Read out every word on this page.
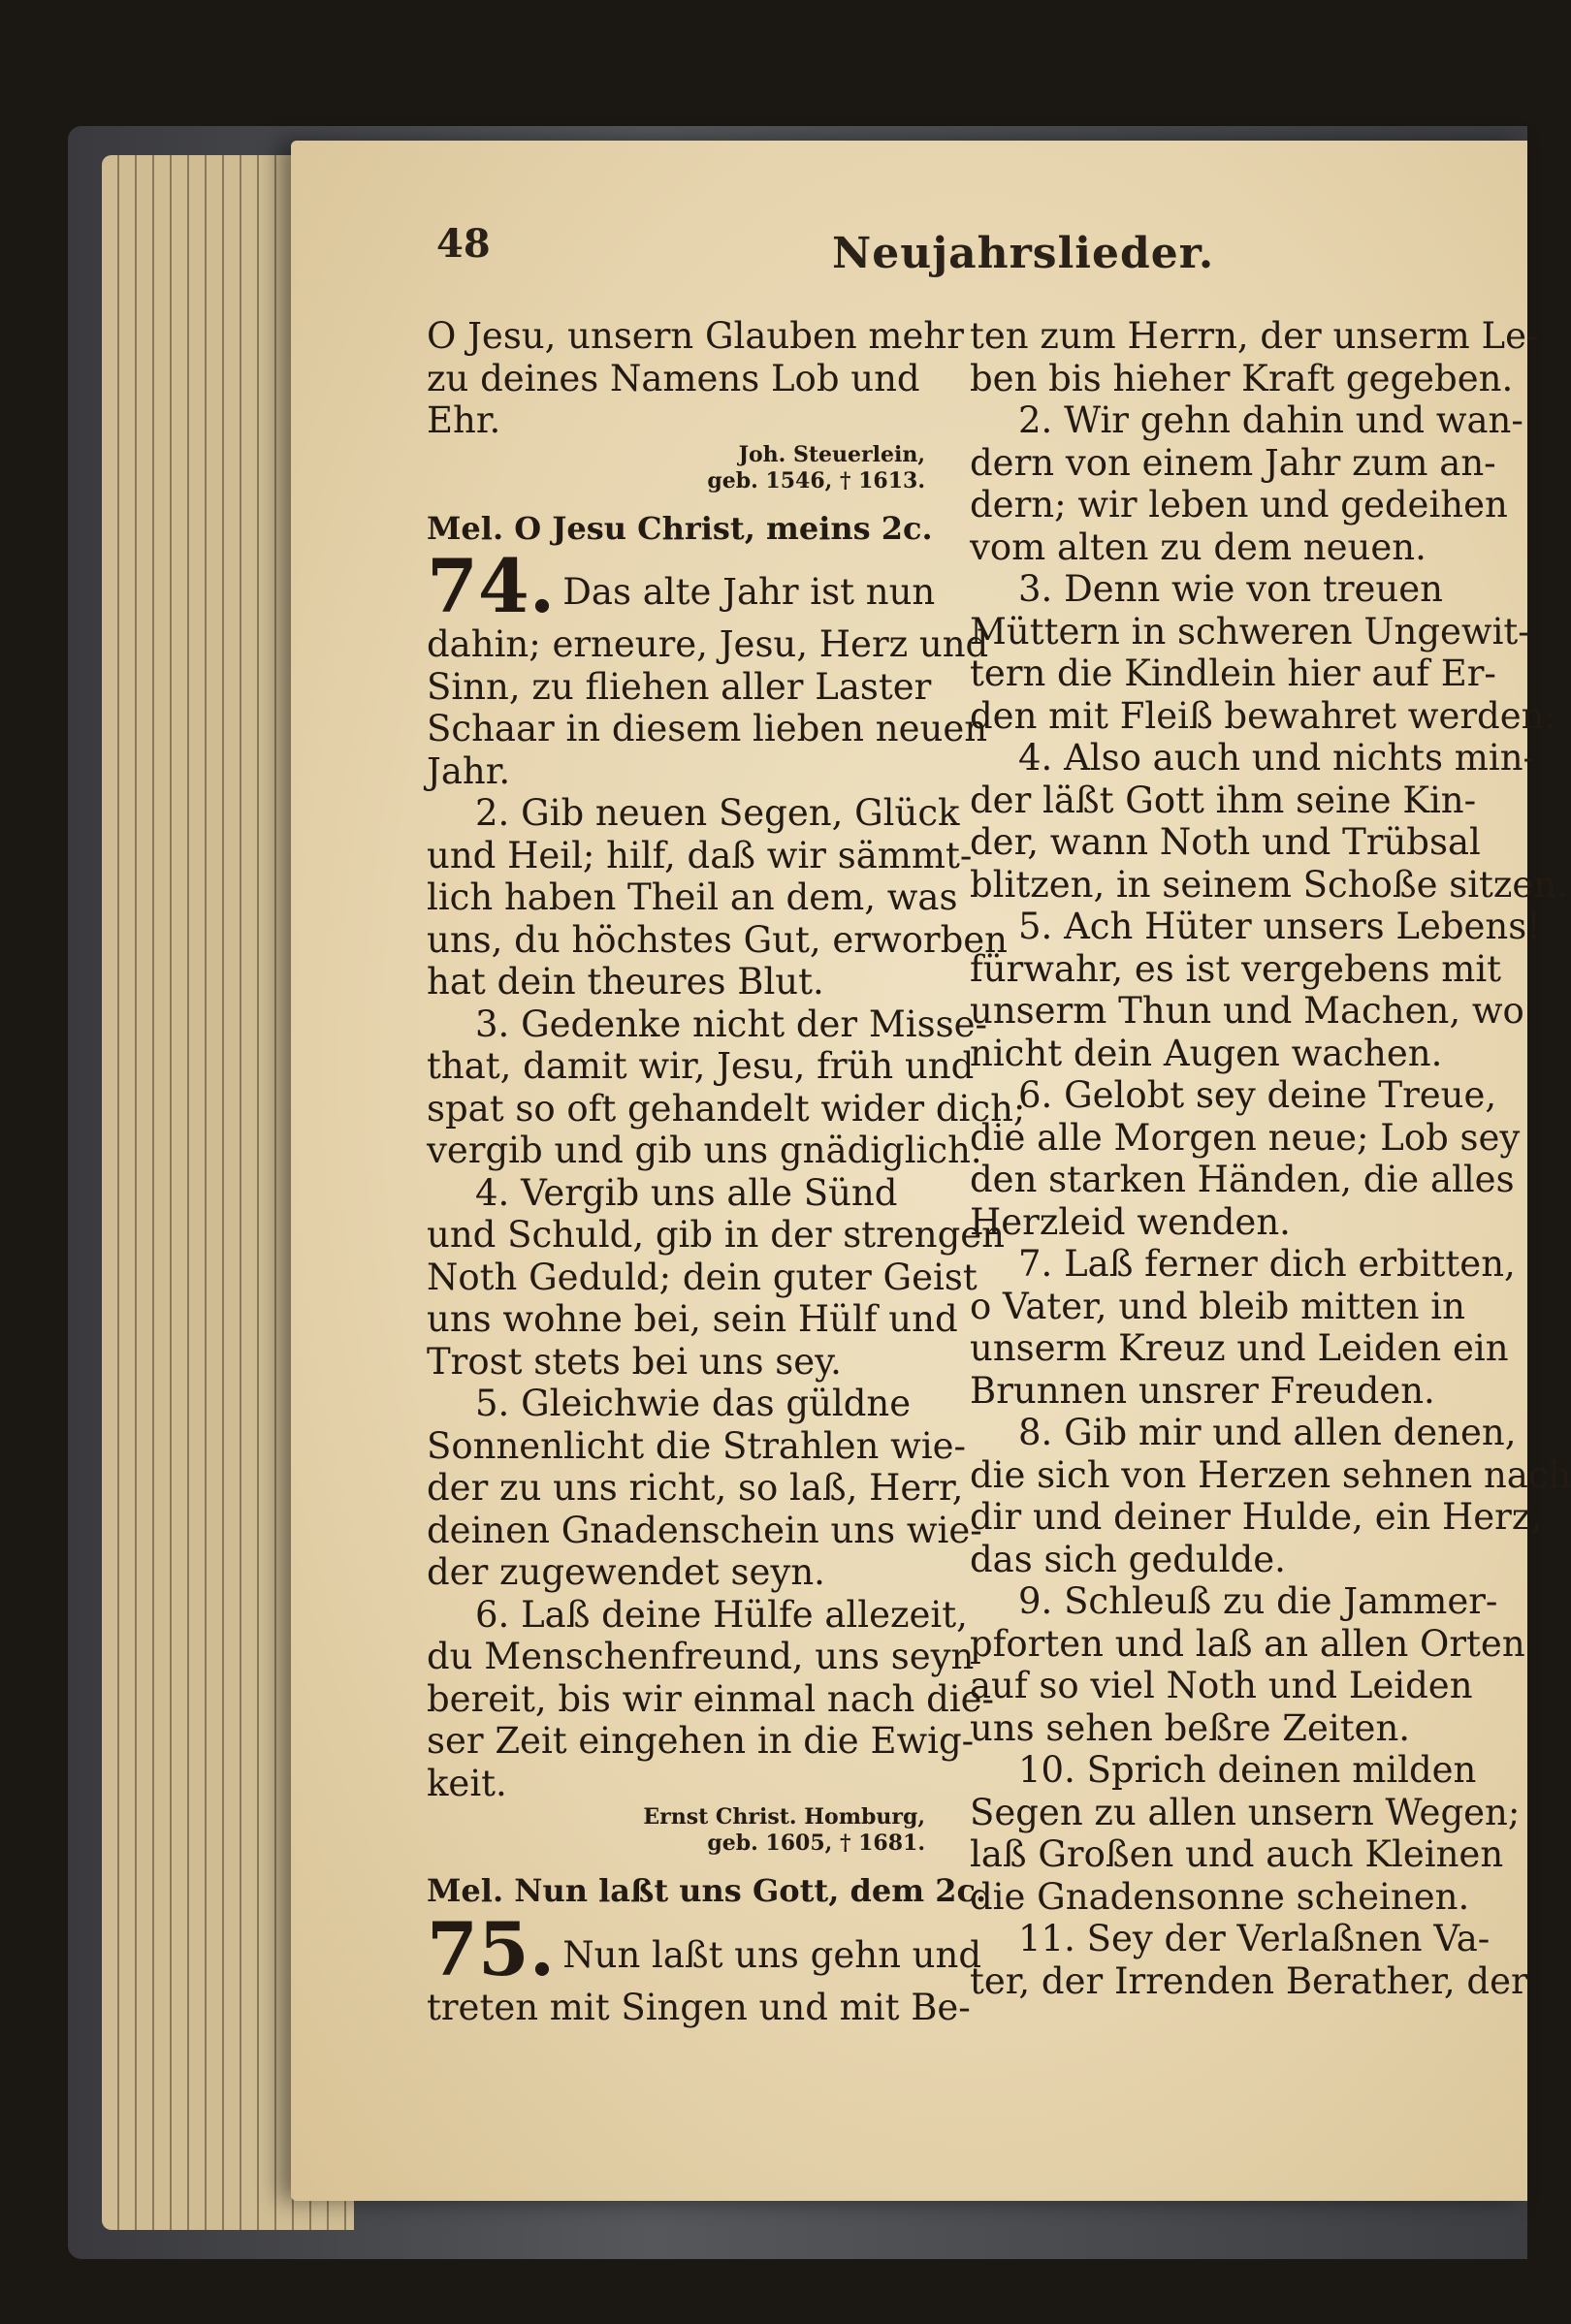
48	Neujahrslieder.
O Jesu, unsern Glauben mehr
zu deines Namens Lob und
Ehr.
Joh. Steuerlein,
geb. 1546, † 1613.
Mel. O Jesu Christ, meins 2c.
74. Das alte Jahr ist nun
dahin; erneure, Jesu, Herz und
Sinn, zu fliehen aller Laster
Schaar in diesem lieben neuen
Jahr.
2. Gib neuen Segen, Glück
und Heil; hilf, daß wir sämmt-
lich haben Theil an dem, was
uns, du höchstes Gut, erworben
hat dein theures Blut.
3. Gedenke nicht der Misse-
that, damit wir, Jesu, früh und
spat so oft gehandelt wider dich;
vergib und gib uns gnädiglich.
4. Vergib uns alle Sünd
und Schuld, gib in der strengen
Noth Geduld; dein guter Geist
uns wohne bei, sein Hülf und
Trost stets bei uns sey.
5. Gleichwie das güldne
Sonnenlicht die Strahlen wie-
der zu uns richt, so laß, Herr,
deinen Gnadenschein uns wie-
der zugewendet seyn.
6. Laß deine Hülfe allezeit,
du Menschenfreund, uns seyn
bereit, bis wir einmal nach die-
ser Zeit eingehen in die Ewig-
keit.
Ernst Christ. Homburg,
geb. 1605, † 1681.
Mel. Nun laßt uns Gott, dem 2c.
75. Nun laßt uns gehn und
treten mit Singen und mit Be-
ten zum Herrn, der unserm Le-
ben bis hieher Kraft gegeben.
2. Wir gehn dahin und wan-
dern von einem Jahr zum an-
dern; wir leben und gedeihen
vom alten zu dem neuen.
3. Denn wie von treuen
Müttern in schweren Ungewit-
tern die Kindlein hier auf Er-
den mit Fleiß bewahret werden:
4. Also auch und nichts min-
der läßt Gott ihm seine Kin-
der, wann Noth und Trübsal
blitzen, in seinem Schoße sitzen.
5. Ach Hüter unsers Lebens!
fürwahr, es ist vergebens mit
unserm Thun und Machen, wo
nicht dein Augen wachen.
6. Gelobt sey deine Treue,
die alle Morgen neue; Lob sey
den starken Händen, die alles
Herzleid wenden.
7. Laß ferner dich erbitten,
o Vater, und bleib mitten in
unserm Kreuz und Leiden ein
Brunnen unsrer Freuden.
8. Gib mir und allen denen,
die sich von Herzen sehnen nach
dir und deiner Hulde, ein Herz,
das sich gedulde.
9. Schleuß zu die Jammer-
pforten und laß an allen Orten
auf so viel Noth und Leiden
uns sehen beßre Zeiten.
10. Sprich deinen milden
Segen zu allen unsern Wegen;
laß Großen und auch Kleinen
die Gnadensonne scheinen.
11. Sey der Verlaßnen Va-
ter, der Irrenden Berather, der
